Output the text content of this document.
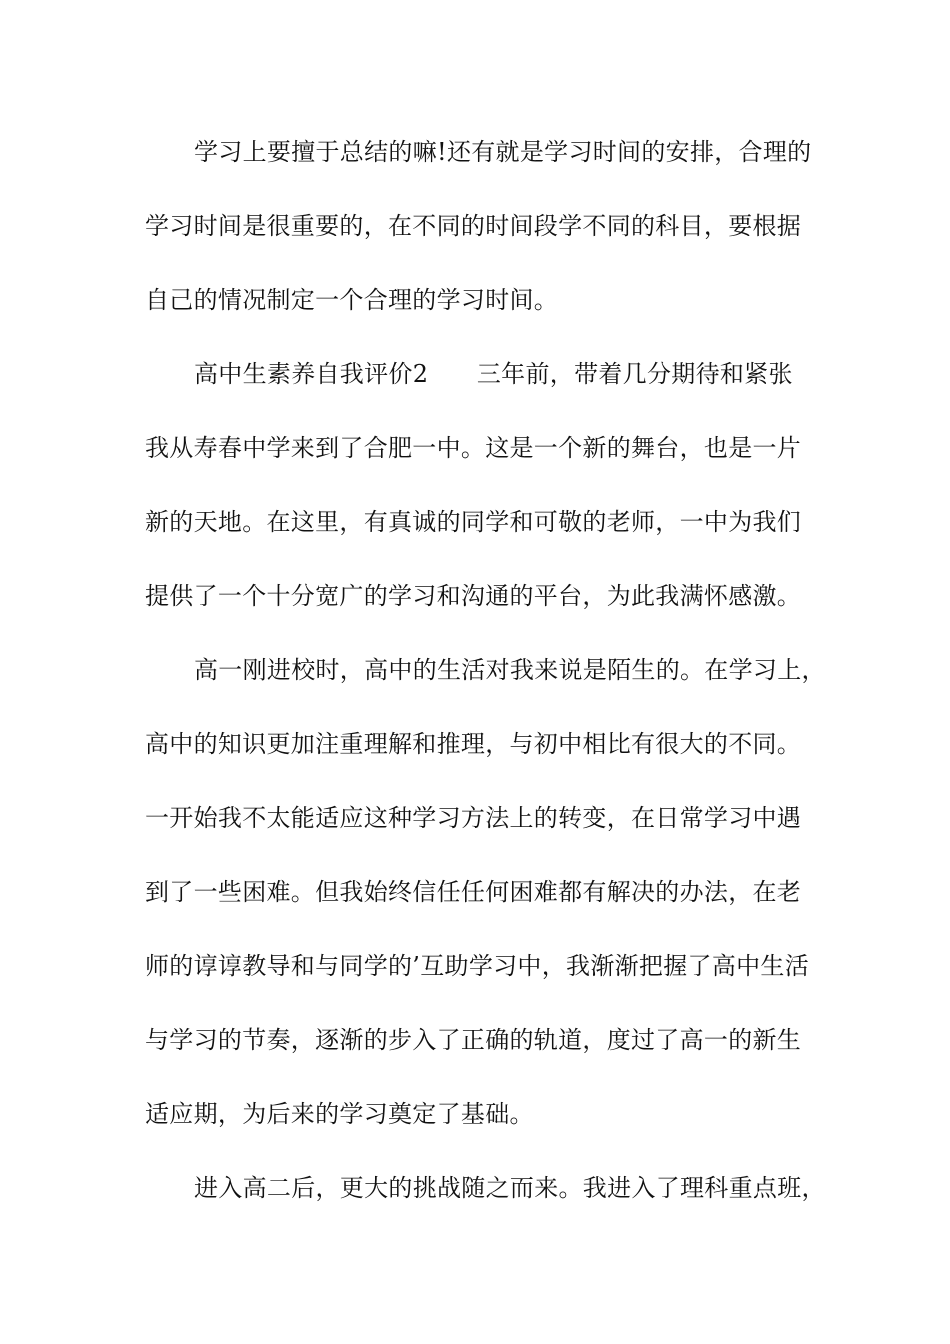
学习上要擅于总结的嘛!还有就是学习时间的安排，合理的
学习时间是很重要的，在不同的时间段学不同的科目，要根据
自己的情况制定一个合理的学习时间。
高中生素养自我评价2　　三年前，带着几分期待和紧张
我从寿春中学来到了合肥一中。这是一个新的舞台，也是一片
新的天地。在这里，有真诚的同学和可敬的老师，一中为我们
提供了一个十分宽广的学习和沟通的平台，为此我满怀感激。
高一刚进校时，高中的生活对我来说是陌生的。在学习上，
高中的知识更加注重理解和推理，与初中相比有很大的不同。
一开始我不太能适应这种学习方法上的转变，在日常学习中遇
到了一些困难。但我始终信任任何困难都有解决的办法，在老
师的谆谆教导和与同学的’互助学习中，我渐渐把握了高中生活
与学习的节奏，逐渐的步入了正确的轨道，度过了高一的新生
适应期，为后来的学习奠定了基础。
进入高二后，更大的挑战随之而来。我进入了理科重点班，
